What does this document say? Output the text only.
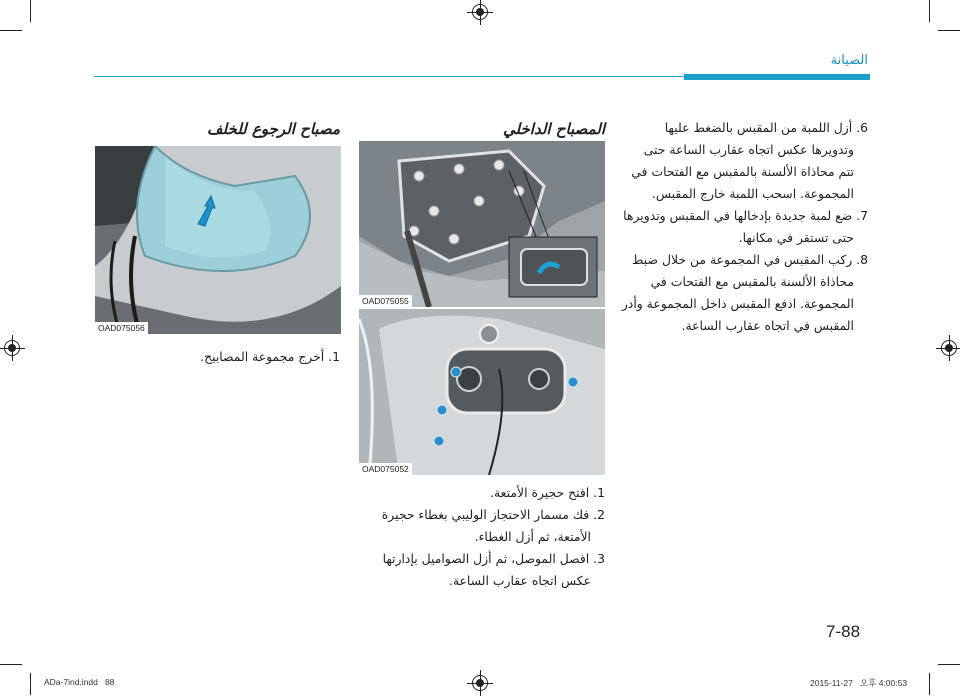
الصيانة
6. أزل اللمبة من المقبس بالضغط عليها
وتدويرها عكس اتجاه عقارب الساعة حتى
تتم محاذاة الألسنة بالمقبس مع الفتحات في
المجموعة. اسحب اللمبة خارج المقبس.
7. ضع لمبة جديدة بإدخالها في المقبس وتدويرها
حتى تستقر في مكانها.
8. ركب المقبس في المجموعة من خلال ضبط
محاذاة الألسنة بالمقبس مع الفتحات في
المجموعة. ادفع المقبس داخل المجموعة وأدر
المقبس في اتجاه عقارب الساعة.
المصباح الداخلي
OAD075055
OAD075052
1. افتح حجيرة الأمتعة.
2. فك مسمار الاحتجاز الوليبي بغطاء حجيرة
الأمتعة، ثم أزل الغطاء.
3. افصل الموصل، ثم أزل الصواميل بإدارتها
عكس اتجاه عقارب الساعة.
مصباح الرجوع للخلف
OAD075056
1. أخرج مجموعة المصابيح.
7-88
ADa-7ind.indd   88	2015-11-27   오후 4:00:53
